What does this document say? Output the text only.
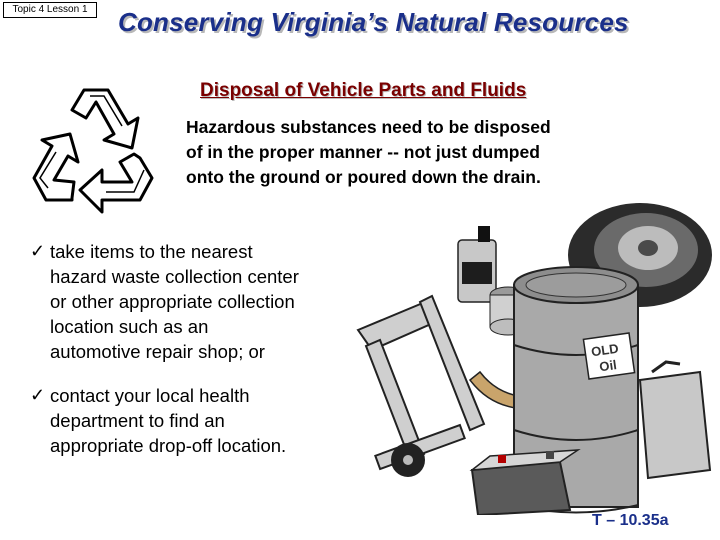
Topic 4 Lesson 1	Conserving Virginia’s Natural Resources
Disposal of Vehicle Parts and Fluids
Hazardous substances need to be disposed
of in the proper manner -- not just dumped
onto the ground or poured down the drain.
✓ take items to the nearest
hazard waste collection center
or other appropriate collection
location such as an
automotive repair shop; or
✓ contact your local health
department to find an
appropriate drop-off location.
OLD
Oil
T – 10.35a
